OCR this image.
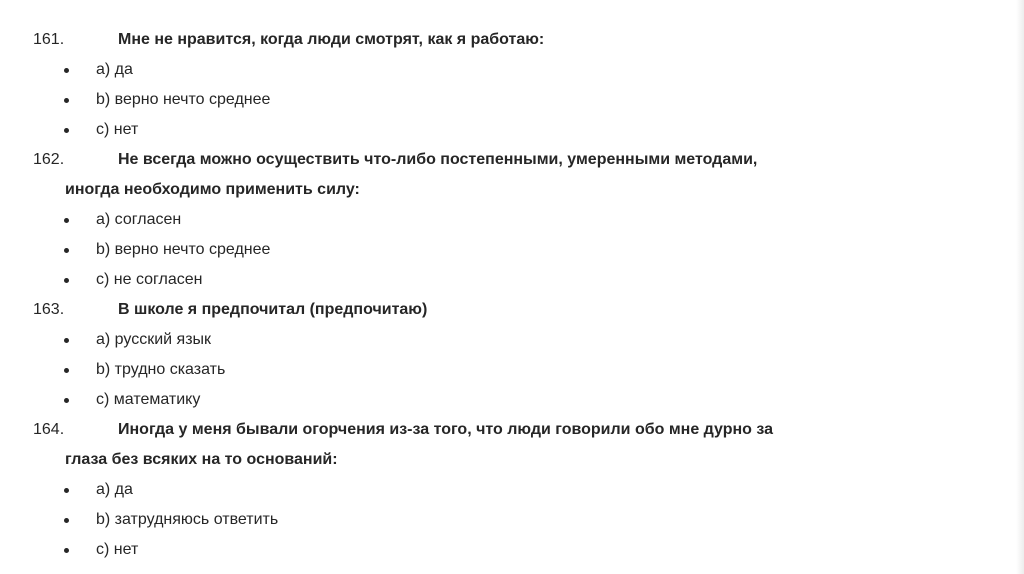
161.	Мне не нравится, когда люди смотрят, как я работаю:
a) да
b) верно нечто среднее
c) нет
162.	Не всегда можно осуществить что-либо постепенными, умеренными методами,
иногда необходимо применить силу:
a) согласен
b) верно нечто среднее
c) не согласен
163.	В школе я предпочитал (предпочитаю)
a) русский язык
b) трудно сказать
c) математику
164.	Иногда у меня бывали огорчения из-за того, что люди говорили обо мне дурно за
глаза без всяких на то оснований:
a) да
b) затрудняюсь ответить
c) нет
